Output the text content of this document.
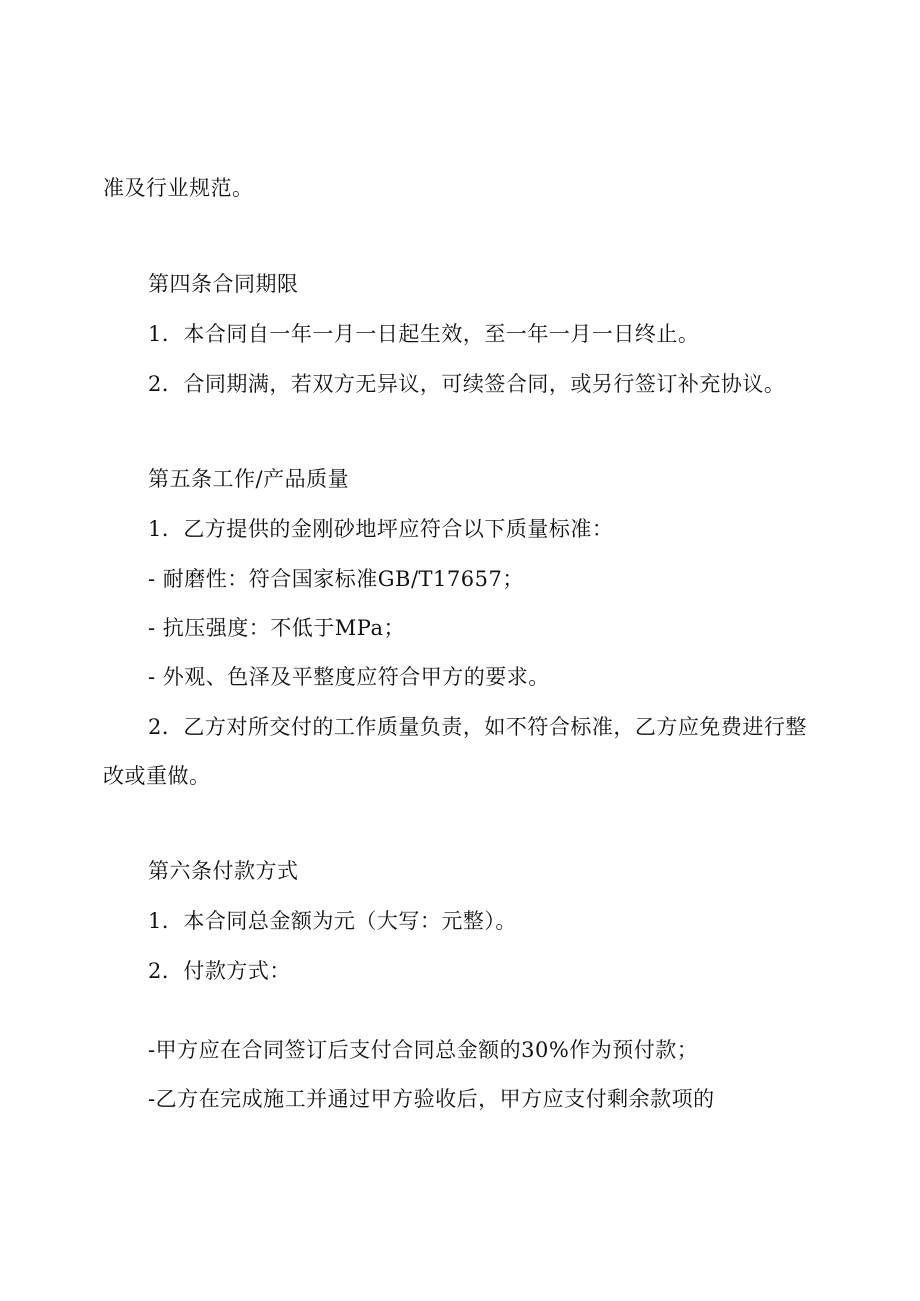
准及行业规范。
第四条合同期限
1．本合同自一年一月一日起生效，至一年一月一日终止。
2．合同期满，若双方无异议，可续签合同，或另行签订补充协议。
第五条工作/产品质量
1．乙方提供的金刚砂地坪应符合以下质量标准：
- 耐磨性：符合国家标准GB/T17657；
- 抗压强度：不低于MPa；
- 外观、色泽及平整度应符合甲方的要求。
2．乙方对所交付的工作质量负责，如不符合标准，乙方应免费进行整
改或重做。
第六条付款方式
1．本合同总金额为元（大写：元整）。
2．付款方式：
-甲方应在合同签订后支付合同总金额的30%作为预付款；
-乙方在完成施工并通过甲方验收后，甲方应支付剩余款项的
